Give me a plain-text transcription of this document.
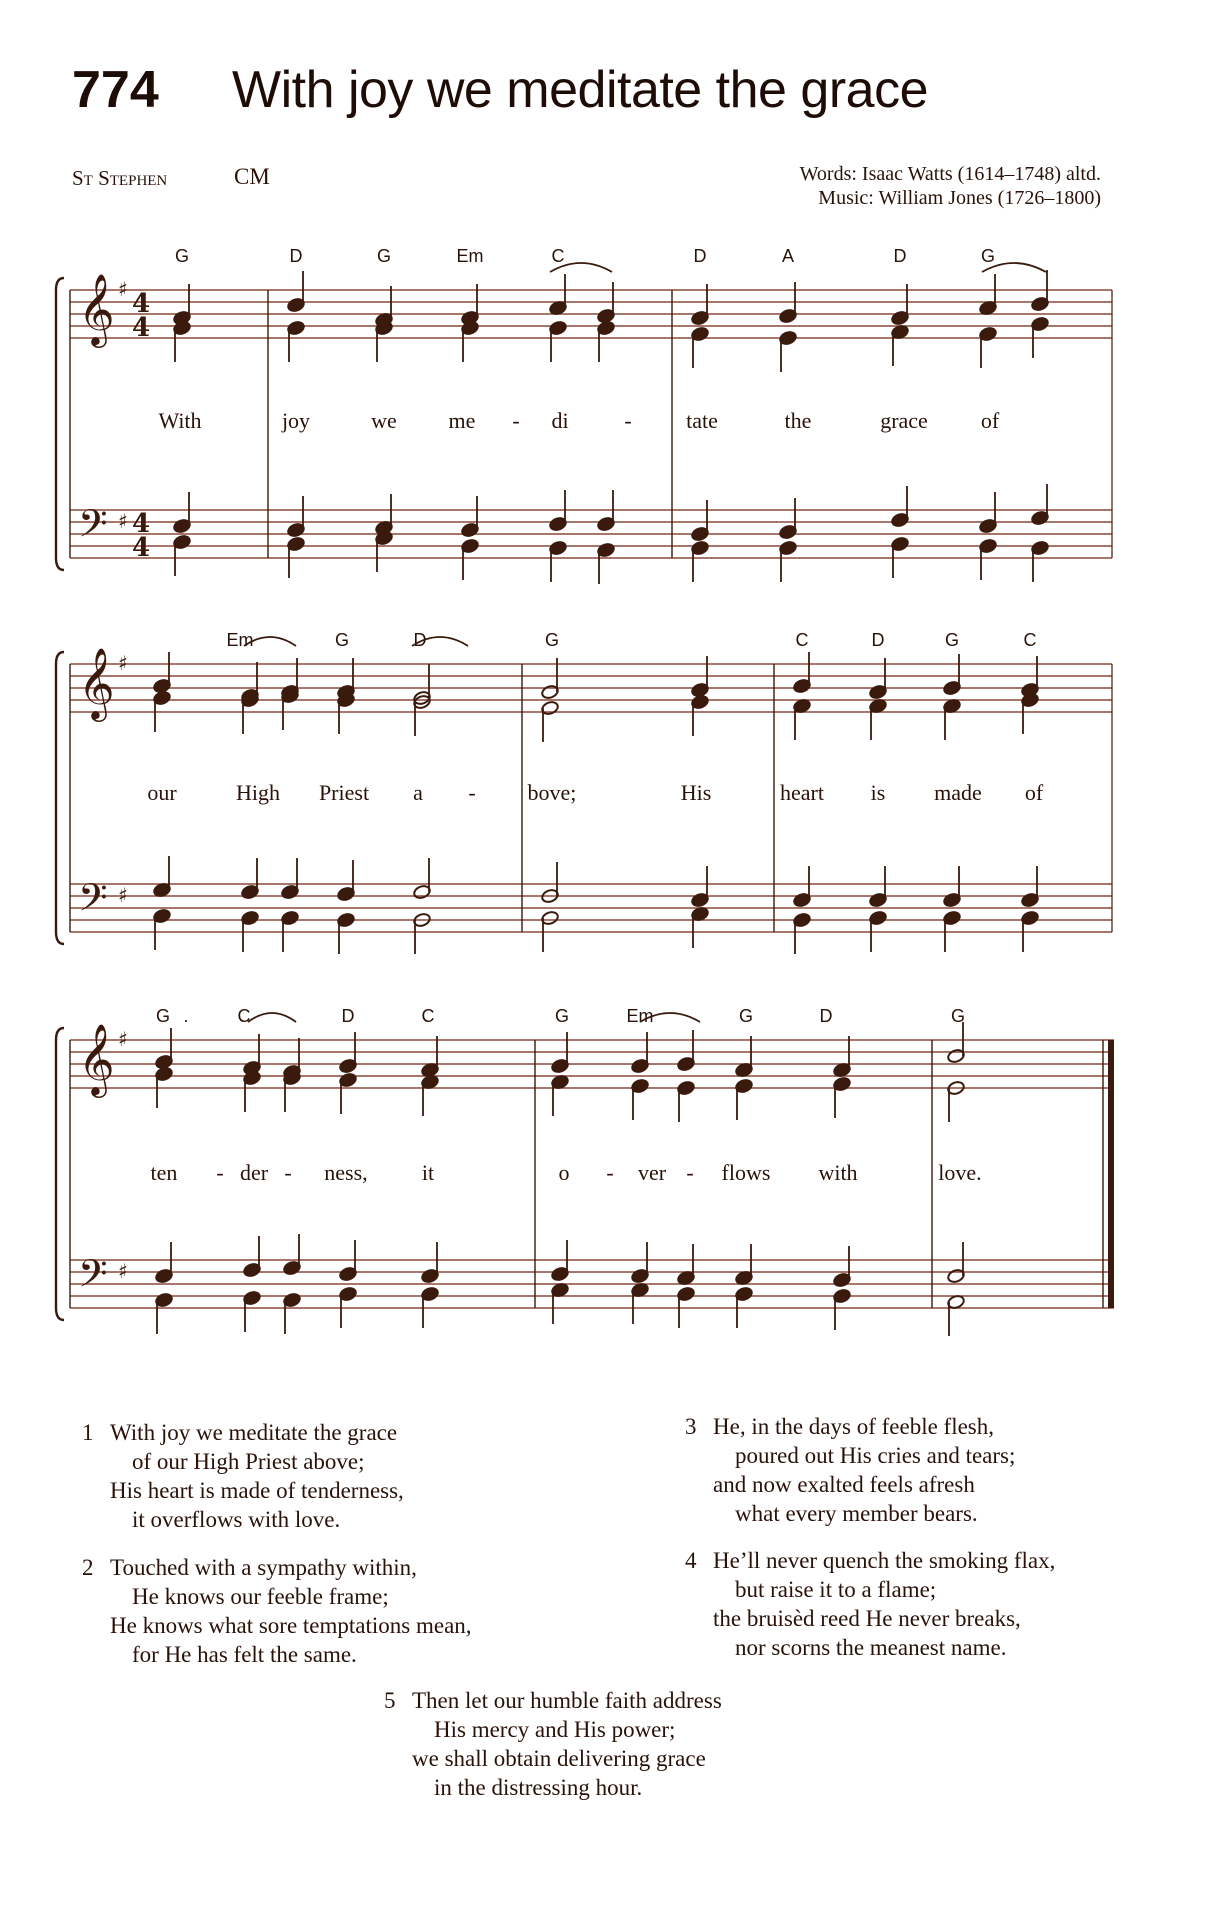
774 With joy we meditate the grace
St Stephen	CM	Words: Isaac Watts (1614–1748) altd.
Music: William Jones (1726–1800)
𝄞
𝄢
♯
♯
4
4
4
4
G	D	G	Em	C	D	A	D	G
With	joy	we me - di	- tate	the	grace of
𝄞
𝄢
♯
♯
Em	G	D	G	C	D	G	C
our	High Priest a - bove;	His	heart is made of
𝄞
𝄢
♯
♯
G .	C	D	C	G	Em	G	D	G
ten - der - ness, it	o - ver - flows with	love.
1 With joy we meditate the grace
of our High Priest above;
His heart is made of tenderness,
it overflows with love.
2 Touched with a sympathy within,
He knows our feeble frame;
He knows what sore temptations mean,
for He has felt the same.
3 He, in the days of feeble flesh,
poured out His cries and tears;
and now exalted feels afresh
what every member bears.
4 He’ll never quench the smoking flax,
but raise it to a flame;
the bruisèd reed He never breaks,
nor scorns the meanest name.
5 Then let our humble faith address
His mercy and His power;
we shall obtain delivering grace
in the distressing hour.
